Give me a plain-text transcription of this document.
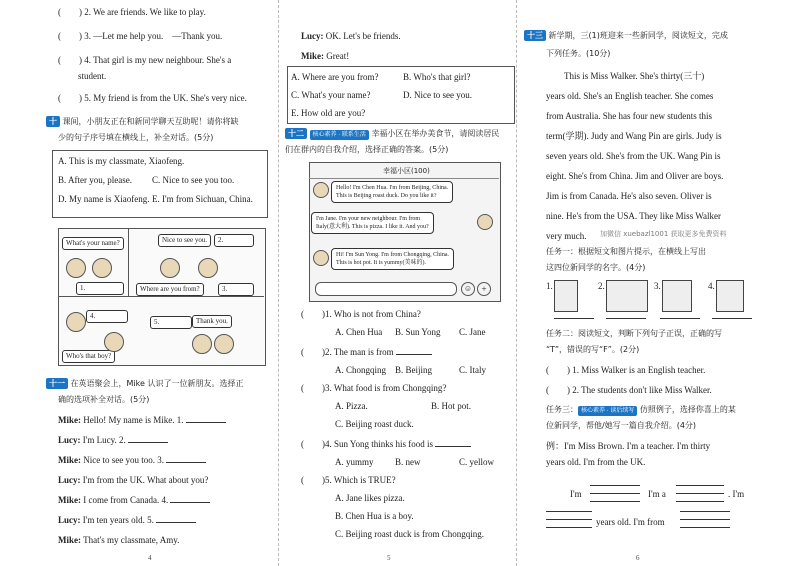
(　　) 2. We are friends. We like to play.
(　　) 3. —Let me help you.　—Thank you.
(　　) 4. That girl is my new neighbour. She's a
student.
(　　) 5. My friend is from the UK. She's very nice.
十 课间，小朋友正在和新同学聊天互助呢！请你将缺
少的句子序号填在横线上，补全对话。(5分)
A. This is my classmate, Xiaofeng.
B. After you, please. C. Nice to see you too.
D. My name is Xiaofeng. E. I'm from Sichuan, China.
What's your name?	Nice to see you.	2.
1.	Where are you from?	3.
4.
5.	Thank you.
Who's that boy?
十一 在英语聚会上，Mike 认识了一位新朋友。选择正
确的选项补全对话。(5分)
Mike: Hello! My name is Mike. 1.
Lucy: I'm Lucy. 2.
Mike: Nice to see you too. 3.
Lucy: I'm from the UK. What about you?
Mike: I come from Canada. 4.
Lucy: I'm ten years old. 5.
Mike: That's my classmate, Amy.
4
Lucy: OK. Let's be friends.
Mike: Great!
A. Where are you from?	B. Who's that girl?
C. What's your name?	D. Nice to see you.
E. How old are you?
十二 核心素养 · 联系生活 幸福小区在举办美食节，请阅读居民
们在群内的自我介绍，选择正确的答案。(5分)
幸福小区(100)
Hello! I'm Chen Hua. I'm from Beijing, China.
This is Beijing roast duck. Do you like it?
I'm Jane. I'm your new neighbour. I'm from
Italy(意大利). This is pizza. I like it. And you?
Hi! I'm Sun Yong. I'm from Chongqing, China.
This is hot pot. It is yummy(美味的).
☺	+
(　　)1. Who is not from China?
A. Chen Hua B. Sun Yong C. Jane
(　　)2. The man is from
A. Chongqing B. Beijing	C. Italy
(　　)3. What food is from Chongqing?
A. Pizza.	B. Hot pot.
C. Beijing roast duck.
(　　)4. Sun Yong thinks his food is
A. yummy B. new	C. yellow
(　　)5. Which is TRUE?
A. Jane likes pizza.
B. Chen Hua is a boy.
C. Beijing roast duck is from Chongqing.
5
十三 新学期，三(1)班迎来一些新同学，阅读短文，完成
下列任务。(10分)
This is Miss Walker. She's thirty(三十)
years old. She's an English teacher. She comes
from Australia. She has four new students this
term(学期). Judy and Wang Pin are girls. Judy is
seven years old. She's from the UK. Wang Pin is
eight. She's from China. Jim and Oliver are boys.
Jim is from Canada. He's also seven. Oliver is
nine. He's from the USA. They like Miss Walker
very much. 加微信 xuebazl1001 获取更多免费资料
任务一：根据短文和图片提示，在横线上写出
这四位新同学的名字。(4分)
1.	2.	3.	4.
任务二：阅读短文，判断下列句子正误，正确的写
“T”，错误的写“F”。(2分)
(　　) 1. Miss Walker is an English teacher.
(　　) 2. The students don't like Miss Walker.
任务三： 核心素养 · 读后续写 仿照例子，选择你喜上的某
位新同学，帮他/她写一篇自我介绍。(4分)
例：I'm Miss Brown. I'm a teacher. I'm thirty
years old. I'm from the UK.
I'm	I'm a	. I'm
years old. I'm from
6
